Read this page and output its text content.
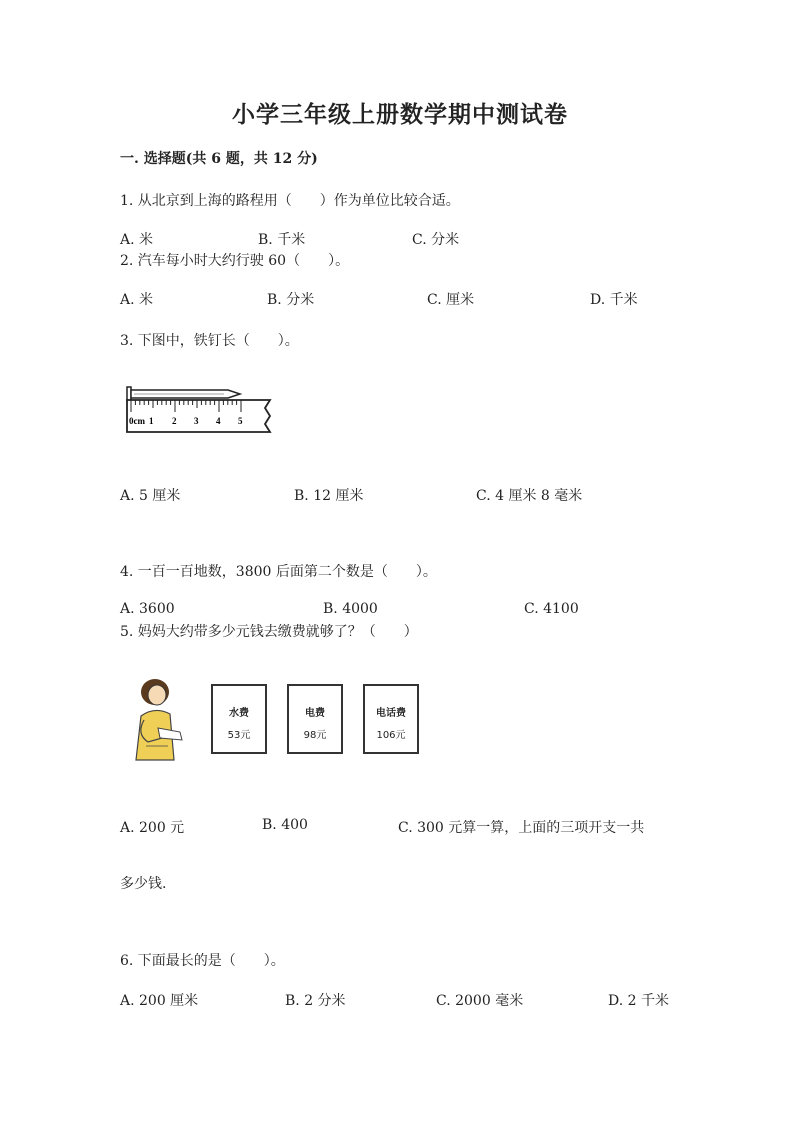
小学三年级上册数学期中测试卷
一. 选择题(共 6 题，共 12 分)
1. 从北京到上海的路程用（　　）作为单位比较合适。
A. 米	B. 千米	C. 分米
2. 汽车每小时大约行驶 60（　　）。
A. 米	B. 分米	C. 厘米	D. 千米
3. 下图中，铁钉长（　　）。
0cm 1 2 3 4 5
A. 5 厘米	B. 12 厘米	C. 4 厘米 8 毫米
4. 一百一百地数，3800 后面第二个数是（　　）。
A. 3600	B. 4000	C. 4100
5. 妈妈大约带多少元钱去缴费就够了？（　　）
水费
53元
电费
98元
电话费
106元
A. 200 元	B. 400	C. 300 元算一算，上面的三项开支一共
多少钱.
6. 下面最长的是（　　）。
A. 200 厘米	B. 2 分米	C. 2000 毫米	D. 2 千米
